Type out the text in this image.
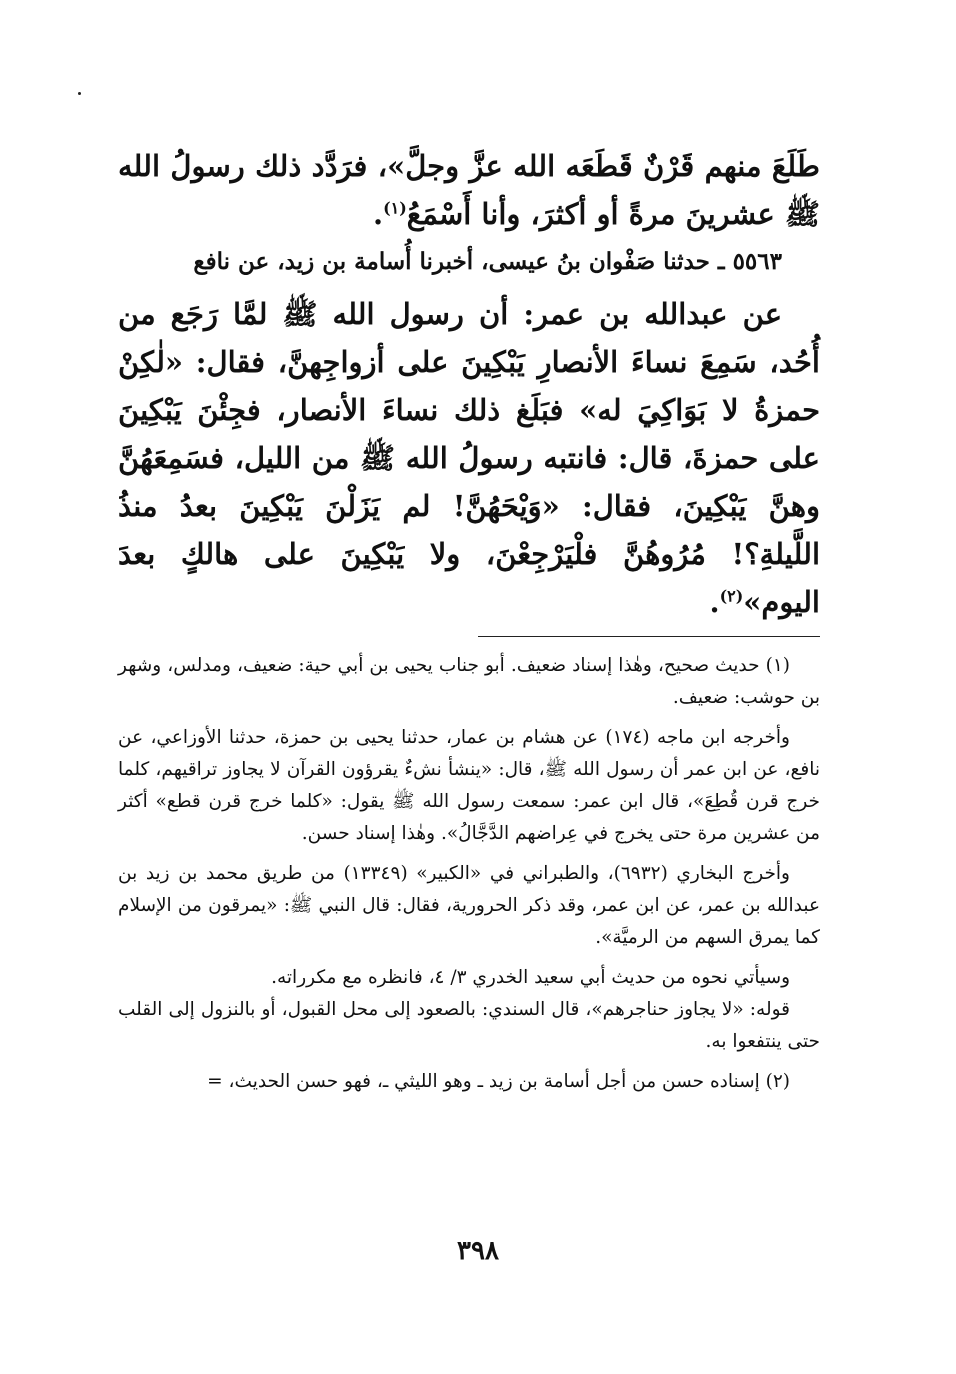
طَلَعَ منهم قَرْنٌ قَطَعَه الله عزَّ وجلَّ»، فرَدَّد ذلك رسولُ الله ﷺ عشرينَ مرةً أو أكثرَ، وأنا أَسْمَعُ$^{(١)}$.

٥٥٦٣ ـ حدثنا صَفْوان بنُ عيسى، أخبرنا أُسامة بن زيد، عن نافع

عن عبدالله بن عمر: أن رسول الله ﷺ لمَّا رَجَع من أُحُد، سَمِعَ نساءَ الأنصارِ يَبْكِينَ على أزواجِهنَّ، فقال: «لٰكِنْ حمزةُ لا بَوَاكِيَ له» فبَلَغ ذلك نساءَ الأنصار، فجِئْنَ يَبْكِينَ على حمزةَ، قال: فانتبه رسولُ الله ﷺ من الليل، فسَمِعَهُنَّ وهنَّ يَبْكِينَ، فقال: «وَيْحَهُنَّ! لم يَزَلْنَ يَبْكِينَ بعدُ منذُ اللَّيلةِ؟! مُرُوهُنَّ فلْيَرْجِعْنَ، ولا يَبْكِينَ على هالكٍ بعدَ اليوم»$^{(٢)}$.

(١) حديث صحيح، وهٰذا إسناد ضعيف. أبو جناب يحيى بن أبي حية: ضعيف، ومدلس، وشهر بن حوشب: ضعيف.

وأخرجه ابن ماجه (١٧٤) عن هشام بن عمار، حدثنا يحيى بن حمزة، حدثنا الأوزاعي، عن نافع، عن ابن عمر أن رسول الله ﷺ، قال: «ينشأ نشءٌ يقرؤون القرآن لا يجاوز تراقيهم، كلما خرج قرن قُطِعَ»، قال ابن عمر: سمعت رسول الله ﷺ يقول: «كلما خرج قرن قطع» أكثر من عشرين مرة حتى يخرج في عِراضهم الدَّجَّالُ». وهٰذا إسناد حسن.

وأخرج البخاري (٦٩٣٢)، والطبراني في «الكبير» (١٣٣٤٩) من طريق محمد بن زيد بن عبدالله بن عمر، عن ابن عمر، وقد ذكر الحرورية، فقال: قال النبي ﷺ: «يمرقون من الإسلام كما يمرق السهم من الرميَّة».

وسيأتي نحوه من حديث أبي سعيد الخدري ٣/ ٤، فانظره مع مكرراته.

قوله: «لا يجاوز حناجرهم»، قال السندي: بالصعود إلى محل القبول، أو بالنزول إلى القلب حتى ينتفعوا به.

(٢) إسناده حسن من أجل أسامة بن زيد ـ وهو الليثي ـ، فهو حسن الحديث، =

٣٩٨
